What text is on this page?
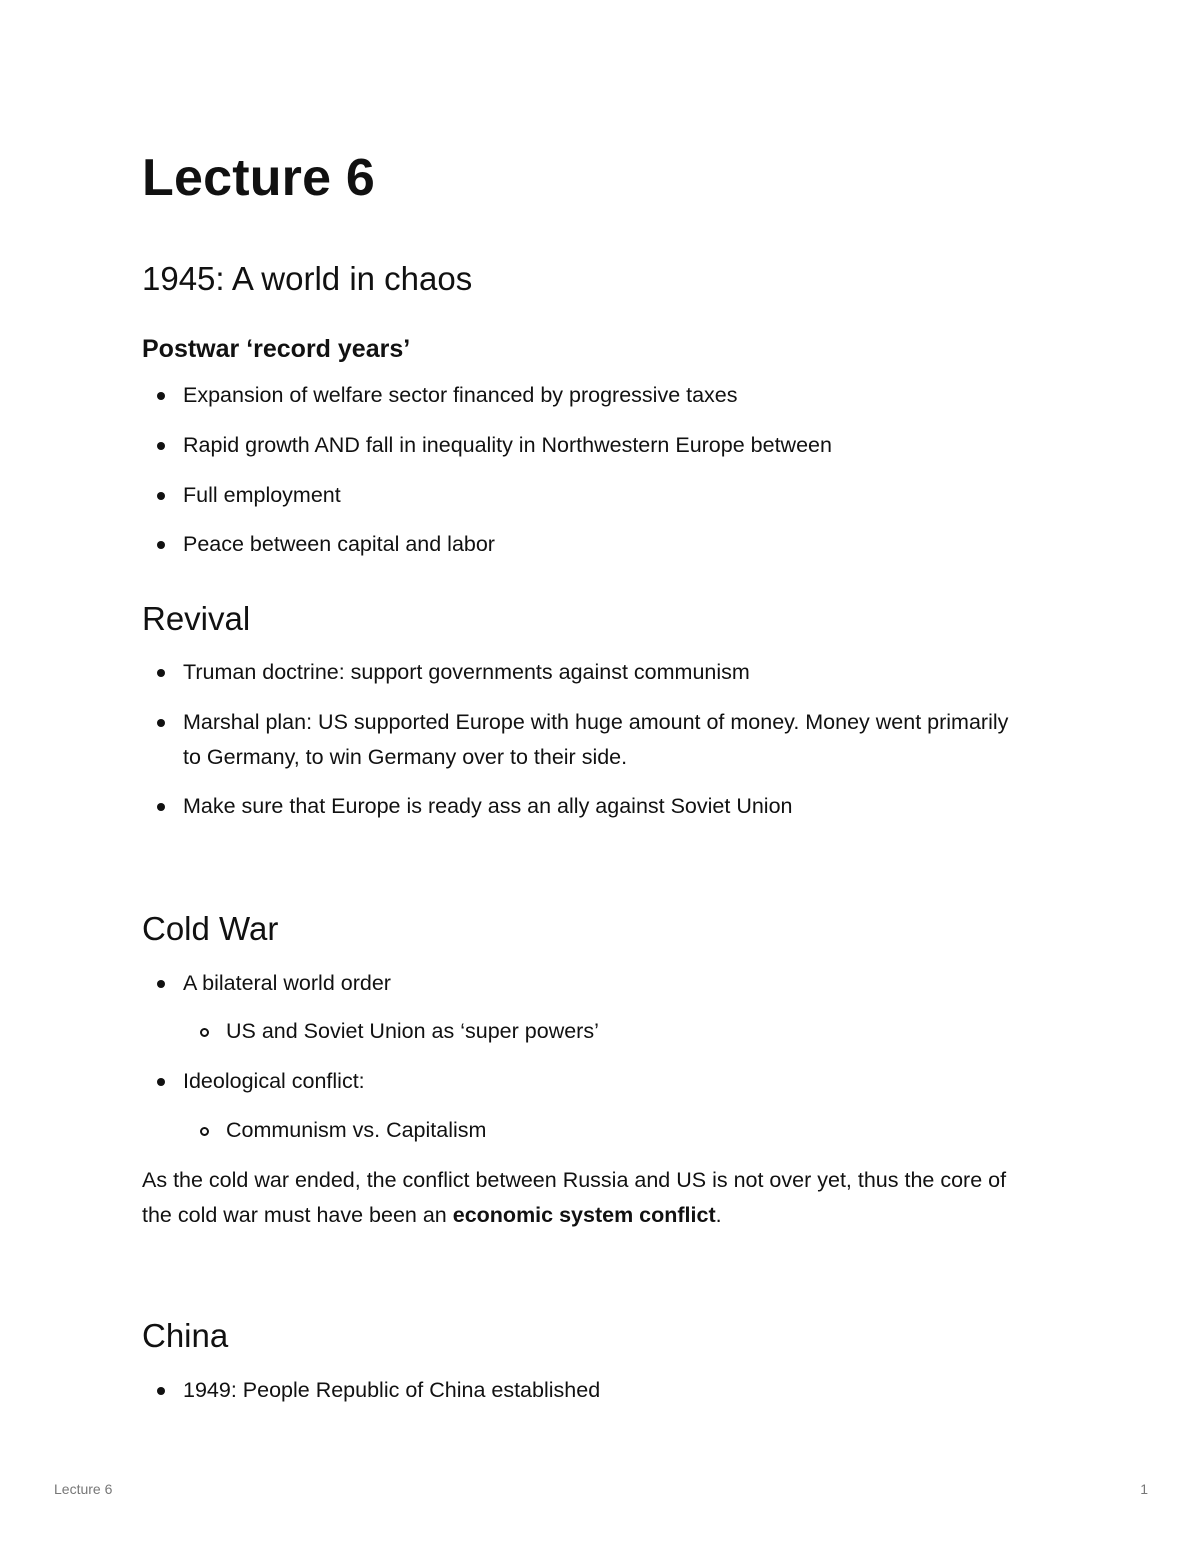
Lecture 6
1945: A world in chaos
Postwar ‘record years’
Expansion of welfare sector financed by progressive taxes
Rapid growth AND fall in inequality in Northwestern Europe between
Full employment
Peace between capital and labor
Revival
Truman doctrine: support governments against communism
Marshal plan: US supported Europe with huge amount of money. Money went primarily to Germany, to win Germany over to their side.
Make sure that Europe is ready ass an ally against Soviet Union
Cold War
A bilateral world order
US and Soviet Union as ‘super powers’
Ideological conflict:
Communism vs. Capitalism

As the cold war ended, the conflict between Russia and US is not over yet, thus the core of the cold war must have been an economic system conflict.

China
1949: People Republic of China established
Lecture 6	1
